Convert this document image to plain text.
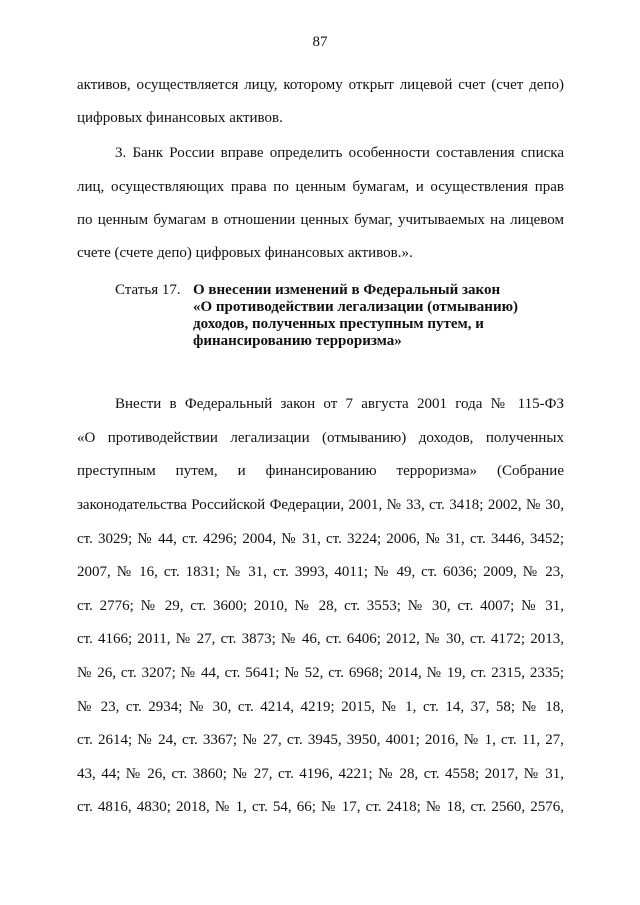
87
активов, осуществляется лицу, которому открыт лицевой счет (счет депо)
цифровых финансовых активов.
3. Банк России вправе определить особенности составления списка
лиц, осуществляющих права по ценным бумагам, и осуществления прав
по ценным бумагам в отношении ценных бумаг, учитываемых на лицевом
счете (счете депо) цифровых финансовых активов.».
Статья 17. О внесении изменений в Федеральный закон
«О противодействии легализации (отмыванию)
доходов, полученных преступным путем, и
финансированию терроризма»
Внести в Федеральный закон от 7 августа 2001 года № 115-ФЗ
«О противодействии легализации (отмыванию) доходов, полученных
преступным путем, и финансированию терроризма» (Собрание
законодательства Российской Федерации, 2001, № 33, ст. 3418; 2002, № 30,
ст. 3029; № 44, ст. 4296; 2004, № 31, ст. 3224; 2006, № 31, ст. 3446, 3452;
2007, № 16, ст. 1831; № 31, ст. 3993, 4011; № 49, ст. 6036; 2009, № 23,
ст. 2776; № 29, ст. 3600; 2010, № 28, ст. 3553; № 30, ст. 4007; № 31,
ст. 4166; 2011, № 27, ст. 3873; № 46, ст. 6406; 2012, № 30, ст. 4172; 2013,
№ 26, ст. 3207; № 44, ст. 5641; № 52, ст. 6968; 2014, № 19, ст. 2315, 2335;
№ 23, ст. 2934; № 30, ст. 4214, 4219; 2015, № 1, ст. 14, 37, 58; № 18,
ст. 2614; № 24, ст. 3367; № 27, ст. 3945, 3950, 4001; 2016, № 1, ст. 11, 27,
43, 44; № 26, ст. 3860; № 27, ст. 4196, 4221; № 28, ст. 4558; 2017, № 31,
ст. 4816, 4830; 2018, № 1, ст. 54, 66; № 17, ст. 2418; № 18, ст. 2560, 2576,
